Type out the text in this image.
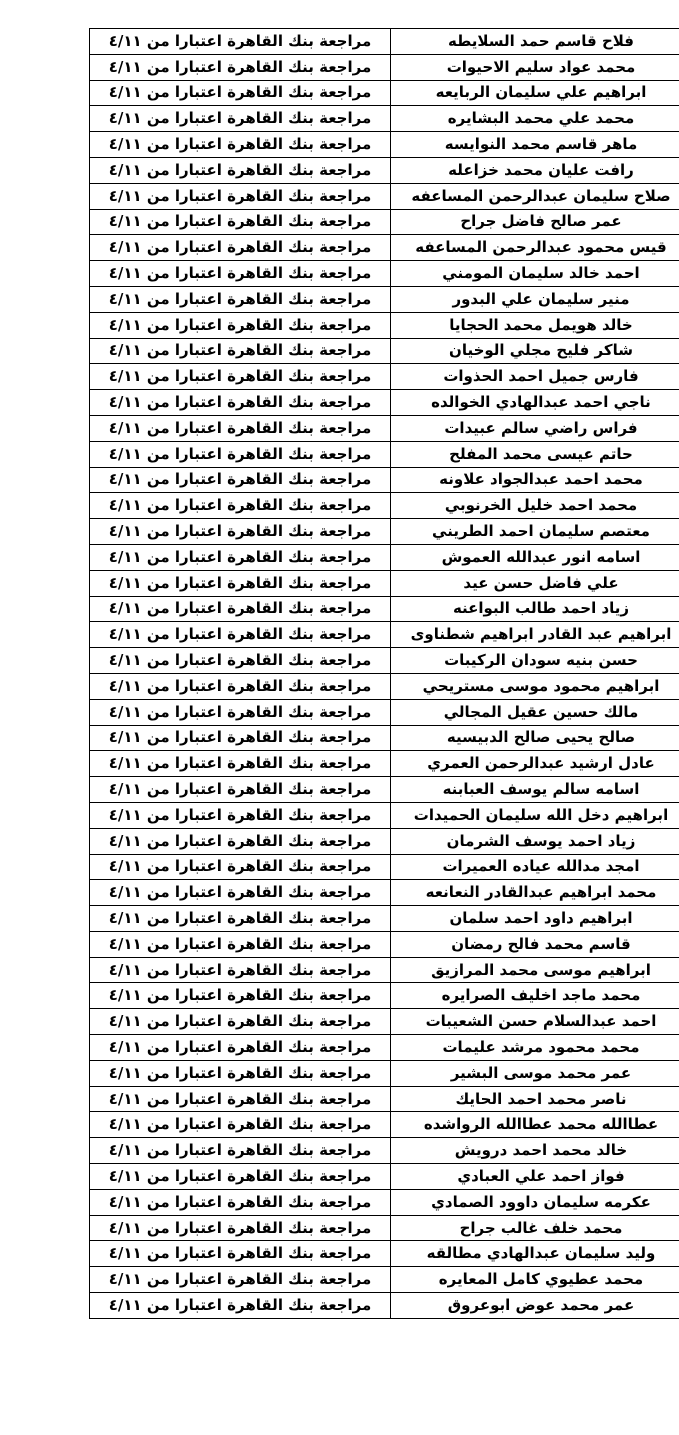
فلاح قاسم حمد السلايطه	مراجعة بنك القاهرة اعتبارا من ٤/١١
محمد عواد سليم الاحيوات	مراجعة بنك القاهرة اعتبارا من ٤/١١
ابراهيم علي سليمان الربايعه	مراجعة بنك القاهرة اعتبارا من ٤/١١
محمد علي محمد البشايره	مراجعة بنك القاهرة اعتبارا من ٤/١١
ماهر قاسم محمد النوايسه	مراجعة بنك القاهرة اعتبارا من ٤/١١
رافت عليان محمد خزاعله	مراجعة بنك القاهرة اعتبارا من ٤/١١
صلاح سليمان عبدالرحمن المساعفه	مراجعة بنك القاهرة اعتبارا من ٤/١١
عمر صالح فاضل جراح	مراجعة بنك القاهرة اعتبارا من ٤/١١
قيس محمود عبدالرحمن المساعفه	مراجعة بنك القاهرة اعتبارا من ٤/١١
احمد خالد سليمان المومني	مراجعة بنك القاهرة اعتبارا من ٤/١١
منير سليمان علي البدور	مراجعة بنك القاهرة اعتبارا من ٤/١١
خالد هويمل محمد الحجايا	مراجعة بنك القاهرة اعتبارا من ٤/١١
شاكر فليح مجلي الوخيان	مراجعة بنك القاهرة اعتبارا من ٤/١١
فارس جميل احمد الحذوات	مراجعة بنك القاهرة اعتبارا من ٤/١١
ناجي احمد عبدالهادي الخوالده	مراجعة بنك القاهرة اعتبارا من ٤/١١
فراس راضي سالم عبيدات	مراجعة بنك القاهرة اعتبارا من ٤/١١
حاتم عيسى محمد المفلح	مراجعة بنك القاهرة اعتبارا من ٤/١١
محمد احمد عبدالجواد علاونه	مراجعة بنك القاهرة اعتبارا من ٤/١١
محمد احمد خليل الخرنوبي	مراجعة بنك القاهرة اعتبارا من ٤/١١
معتصم سليمان احمد الطريني	مراجعة بنك القاهرة اعتبارا من ٤/١١
اسامه انور عبدالله العموش	مراجعة بنك القاهرة اعتبارا من ٤/١١
علي فاضل حسن عيد	مراجعة بنك القاهرة اعتبارا من ٤/١١
زياد احمد طالب البواعنه	مراجعة بنك القاهرة اعتبارا من ٤/١١
ابراهيم عبد القادر ابراهيم شطناوى	مراجعة بنك القاهرة اعتبارا من ٤/١١
حسن بنيه سودان الركيبات	مراجعة بنك القاهرة اعتبارا من ٤/١١
ابراهيم محمود موسى مستريحي	مراجعة بنك القاهرة اعتبارا من ٤/١١
مالك حسين عقيل المجالي	مراجعة بنك القاهرة اعتبارا من ٤/١١
صالح يحيى صالح الدبيسيه	مراجعة بنك القاهرة اعتبارا من ٤/١١
عادل ارشيد عبدالرحمن العمري	مراجعة بنك القاهرة اعتبارا من ٤/١١
اسامه سالم يوسف العبابنه	مراجعة بنك القاهرة اعتبارا من ٤/١١
ابراهيم دخل الله سليمان الحميدات	مراجعة بنك القاهرة اعتبارا من ٤/١١
زياد احمد يوسف الشرمان	مراجعة بنك القاهرة اعتبارا من ٤/١١
امجد مدالله عياده العميرات	مراجعة بنك القاهرة اعتبارا من ٤/١١
محمد ابراهيم عبدالقادر النعانعه	مراجعة بنك القاهرة اعتبارا من ٤/١١
ابراهيم داود احمد سلمان	مراجعة بنك القاهرة اعتبارا من ٤/١١
قاسم محمد فالح رمضان	مراجعة بنك القاهرة اعتبارا من ٤/١١
ابراهيم موسى محمد المرازيق	مراجعة بنك القاهرة اعتبارا من ٤/١١
محمد ماجد اخليف الصرايره	مراجعة بنك القاهرة اعتبارا من ٤/١١
احمد عبدالسلام حسن الشعيبات	مراجعة بنك القاهرة اعتبارا من ٤/١١
محمد محمود مرشد عليمات	مراجعة بنك القاهرة اعتبارا من ٤/١١
عمر محمد موسى البشير	مراجعة بنك القاهرة اعتبارا من ٤/١١
ناصر محمد احمد الحايك	مراجعة بنك القاهرة اعتبارا من ٤/١١
عطاالله محمد عطاالله الرواشده	مراجعة بنك القاهرة اعتبارا من ٤/١١
خالد محمد احمد درويش	مراجعة بنك القاهرة اعتبارا من ٤/١١
فواز احمد علي العبادي	مراجعة بنك القاهرة اعتبارا من ٤/١١
عكرمه سليمان داوود الصمادي	مراجعة بنك القاهرة اعتبارا من ٤/١١
محمد خلف غالب جراح	مراجعة بنك القاهرة اعتبارا من ٤/١١
وليد سليمان عبدالهادي مطالقه	مراجعة بنك القاهرة اعتبارا من ٤/١١
محمد عطيوي كامل المعايره	مراجعة بنك القاهرة اعتبارا من ٤/١١
عمر محمد عوض ابوعروق	مراجعة بنك القاهرة اعتبارا من ٤/١١
